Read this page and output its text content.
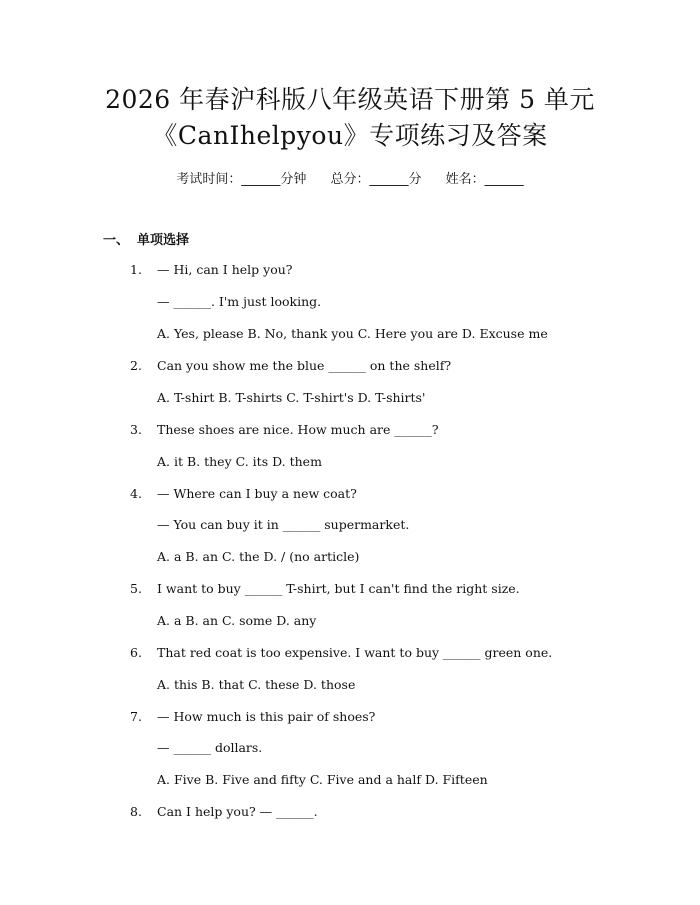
2026 年春沪科版八年级英语下册第 5 单元
《CanIhelpyou》专项练习及答案
考试时间：______分钟 总分：______分 姓名：______
一、 单项选择
1. — Hi, can I help you?
— ______. I'm just looking.
A. Yes, please B. No, thank you C. Here you are D. Excuse me
2. Can you show me the blue ______ on the shelf?
A. T-shirt B. T-shirts C. T-shirt's D. T-shirts'
3. These shoes are nice. How much are ______?
A. it B. they C. its D. them
4. — Where can I buy a new coat?
— You can buy it in ______ supermarket.
A. a B. an C. the D. / (no article)
5. I want to buy ______ T-shirt, but I can't find the right size.
A. a B. an C. some D. any
6. That red coat is too expensive. I want to buy ______ green one.
A. this B. that C. these D. those
7. — How much is this pair of shoes?
— ______ dollars.
A. Five B. Five and fifty C. Five and a half D. Fifteen
8. Can I help you? — ______.
